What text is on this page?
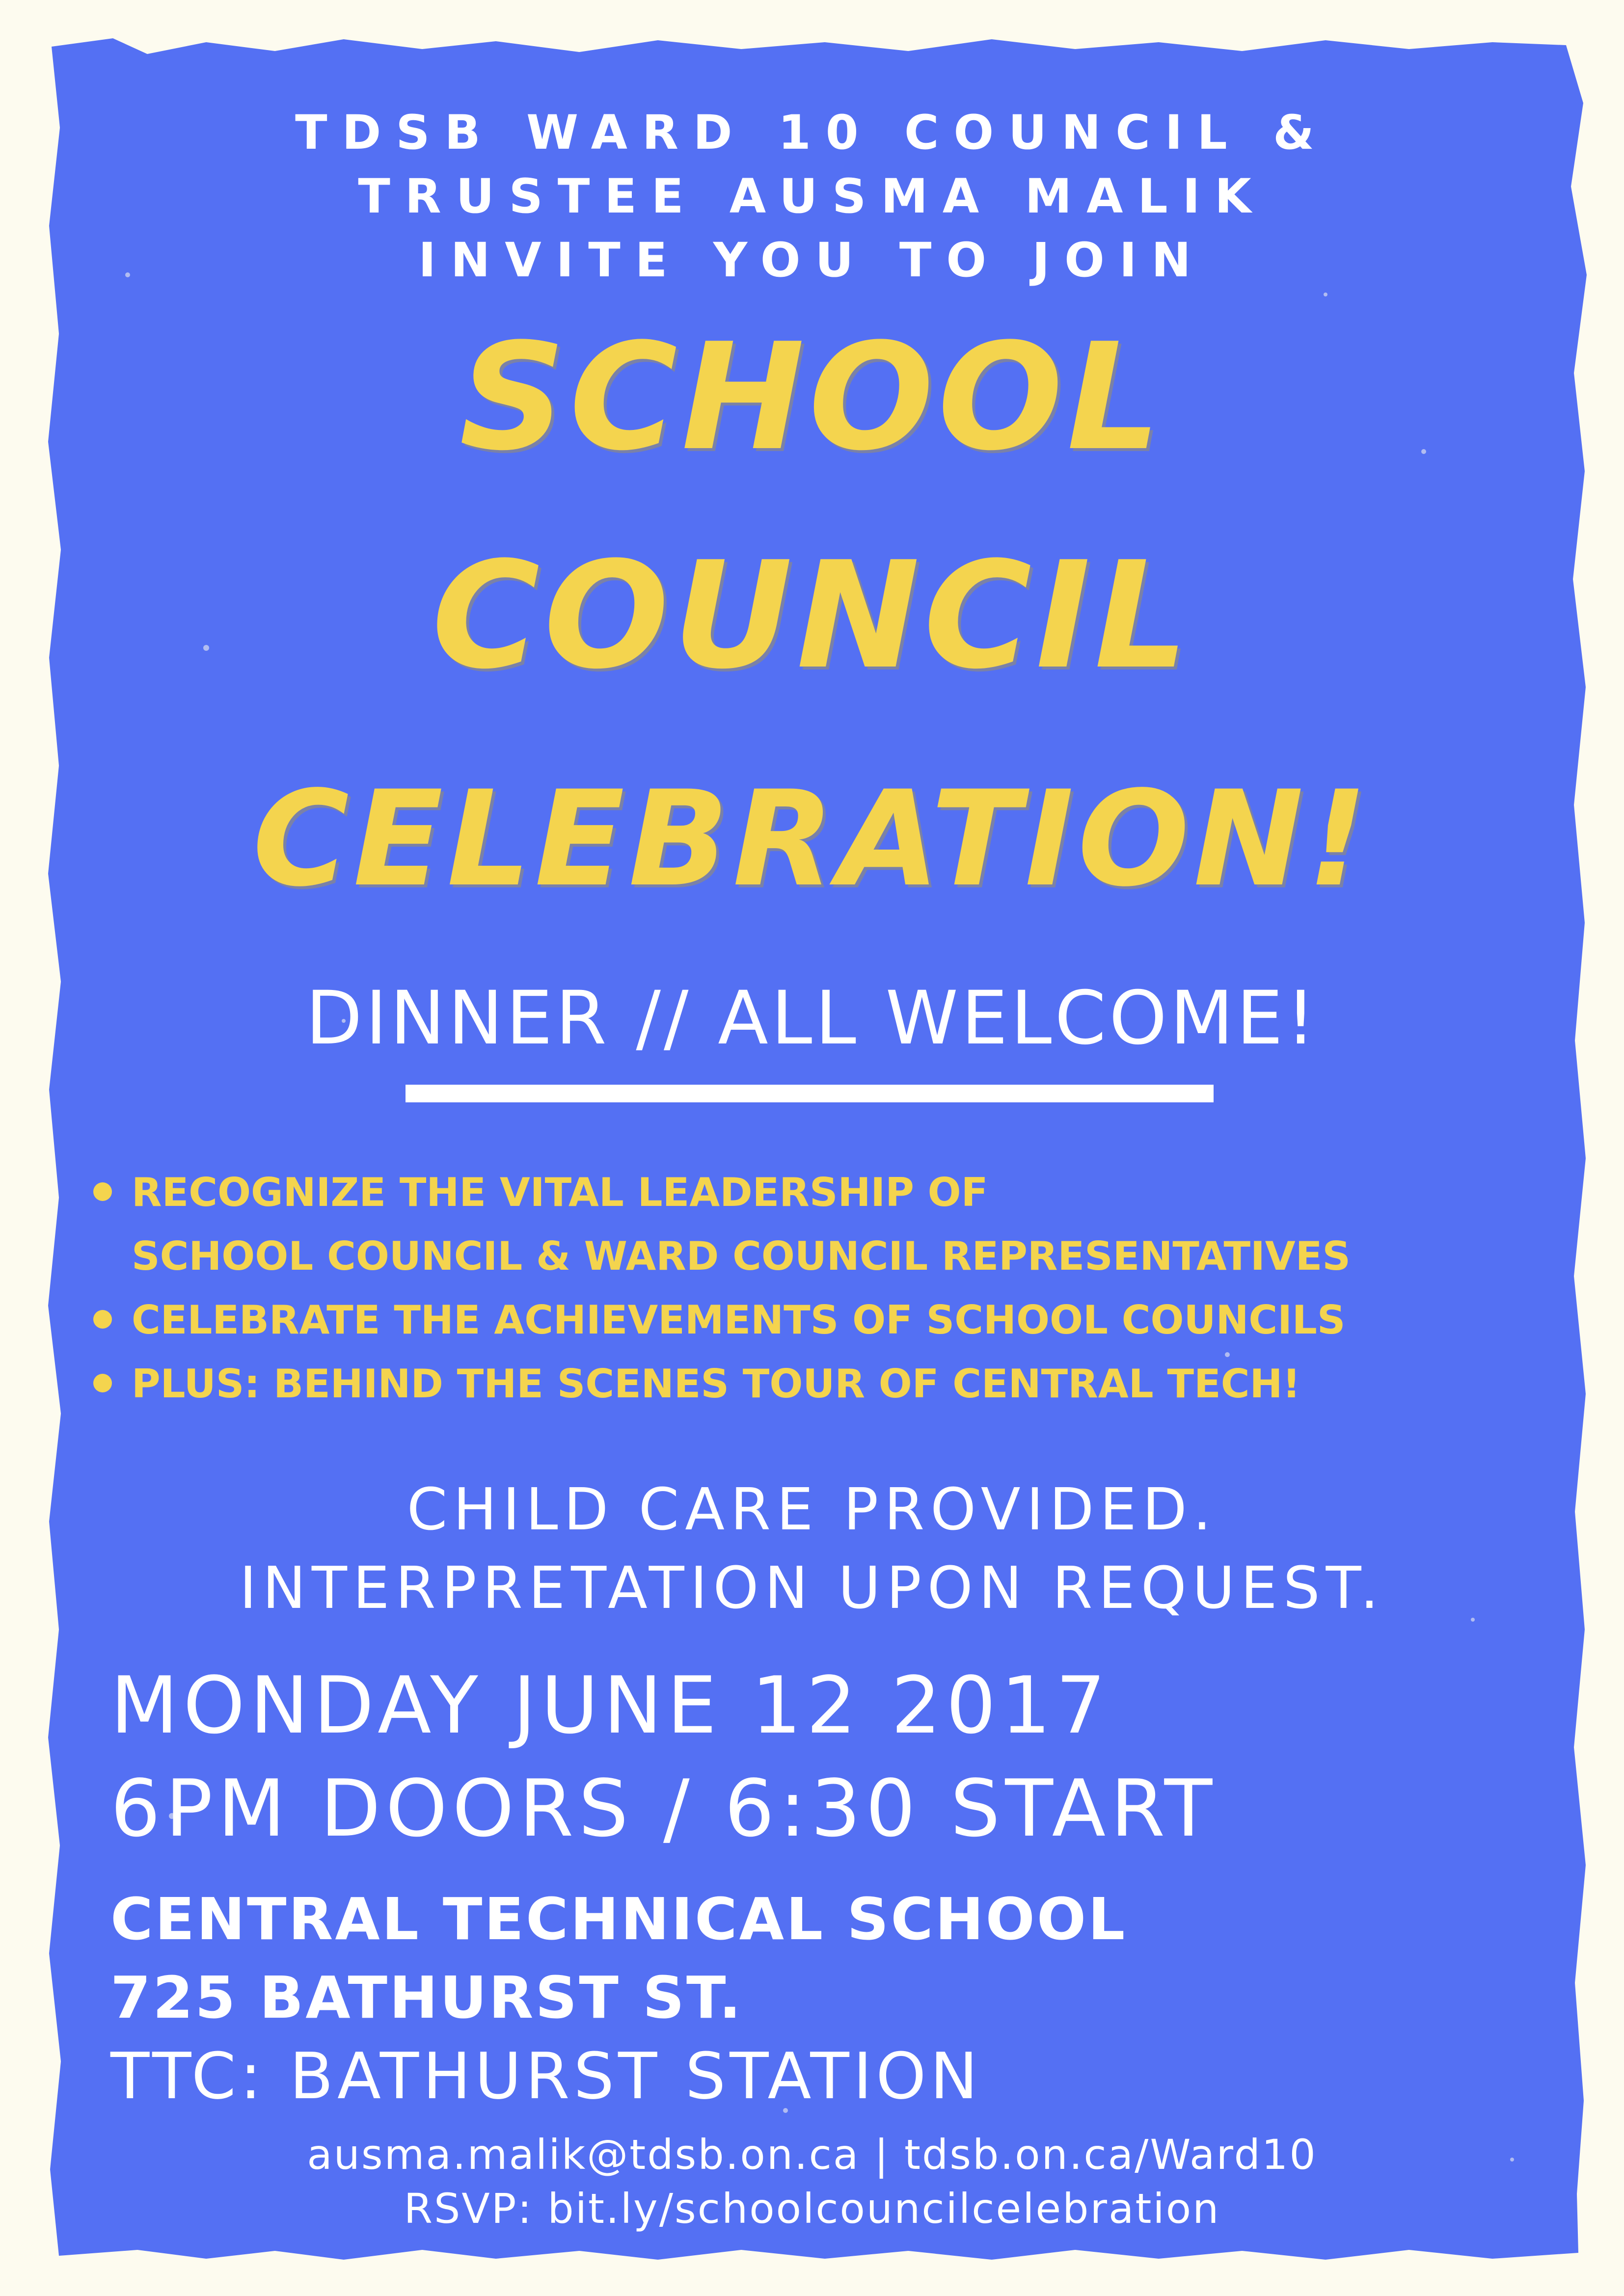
TDSB WARD 10 COUNCIL &

TRUSTEE AUSMA MALIK

INVITE YOU TO JOIN

SCHOOL

COUNCIL

CELEBRATION!

DINNER // ALL WELCOME!

RECOGNIZE THE VITAL LEADERSHIP OF
SCHOOL COUNCIL & WARD COUNCIL REPRESENTATIVES
CELEBRATE THE ACHIEVEMENTS OF SCHOOL COUNCILS
PLUS: BEHIND THE SCENES TOUR OF CENTRAL TECH!

CHILD CARE PROVIDED.

INTERPRETATION UPON REQUEST.

MONDAY JUNE 12 2017

6PM DOORS / 6:30 START

CENTRAL TECHNICAL SCHOOL

725 BATHURST ST.

TTC: BATHURST STATION

ausma.malik@tdsb.on.ca | tdsb.on.ca/Ward10

RSVP: bit.ly/schoolcouncilcelebration
